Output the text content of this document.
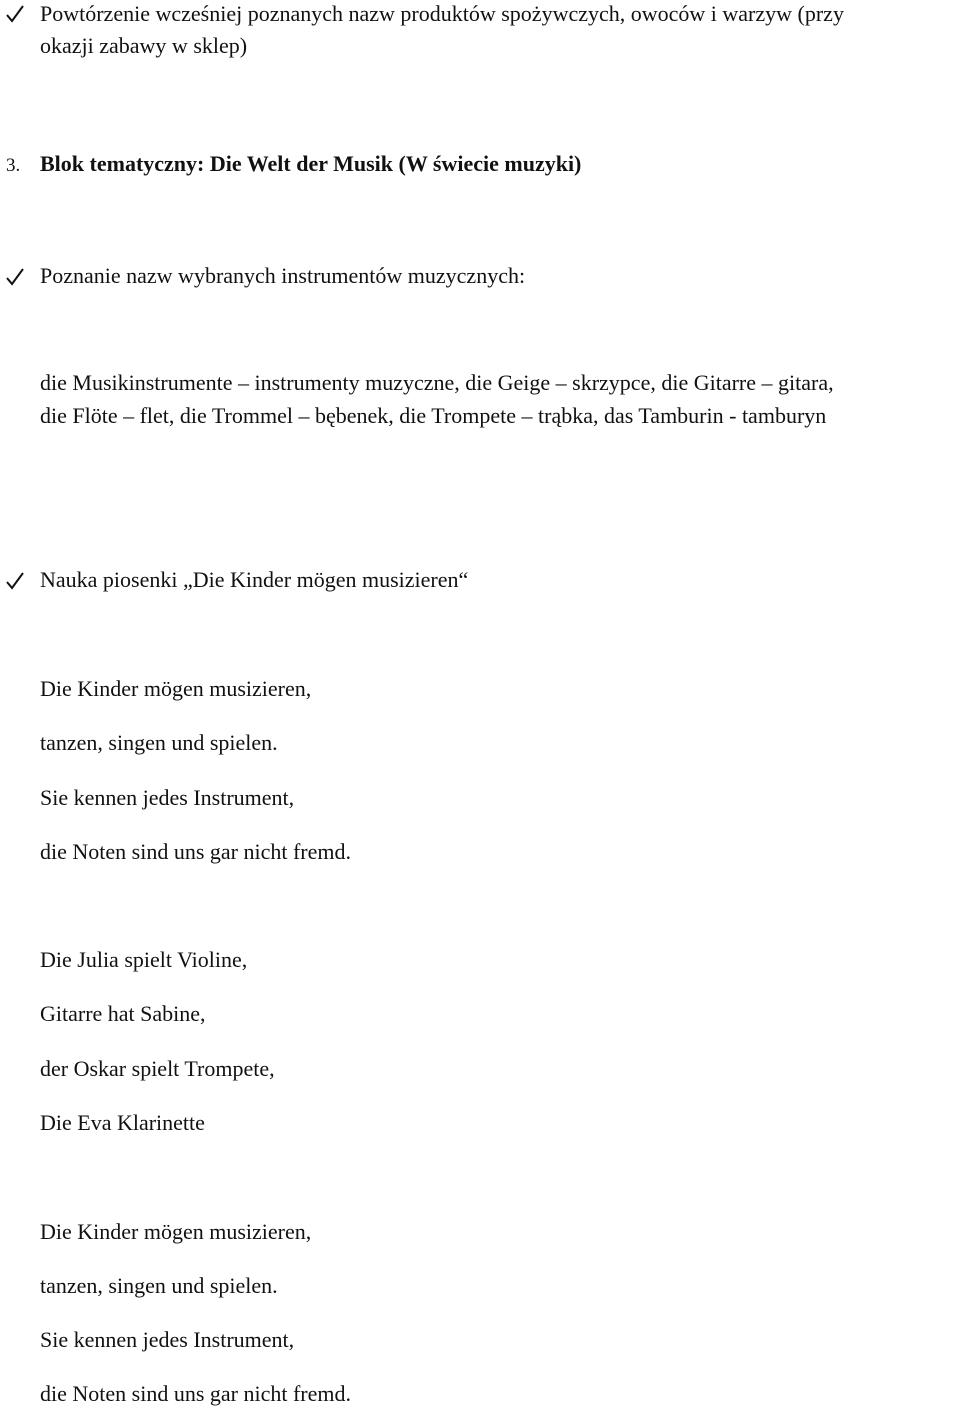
Powtórzenie wcześniej poznanych nazw produktów spożywczych, owoców i warzyw (przy
okazji zabawy w sklep)
3. Blok tematyczny: Die Welt der Musik (W świecie muzyki)
Poznanie nazw wybranych instrumentów muzycznych:
die Musikinstrumente – instrumenty muzyczne, die Geige – skrzypce, die Gitarre – gitara,
die Flöte – flet, die Trommel – bębenek, die Trompete – trąbka, das Tamburin - tamburyn
Nauka piosenki „Die Kinder mögen musizieren“
Die Kinder mögen musizieren,
tanzen, singen und spielen.
Sie kennen jedes Instrument,
die Noten sind uns gar nicht fremd.
Die Julia spielt Violine,
Gitarre hat Sabine,
der Oskar spielt Trompete,
Die Eva Klarinette
Die Kinder mögen musizieren,
tanzen, singen und spielen.
Sie kennen jedes Instrument,
die Noten sind uns gar nicht fremd.
